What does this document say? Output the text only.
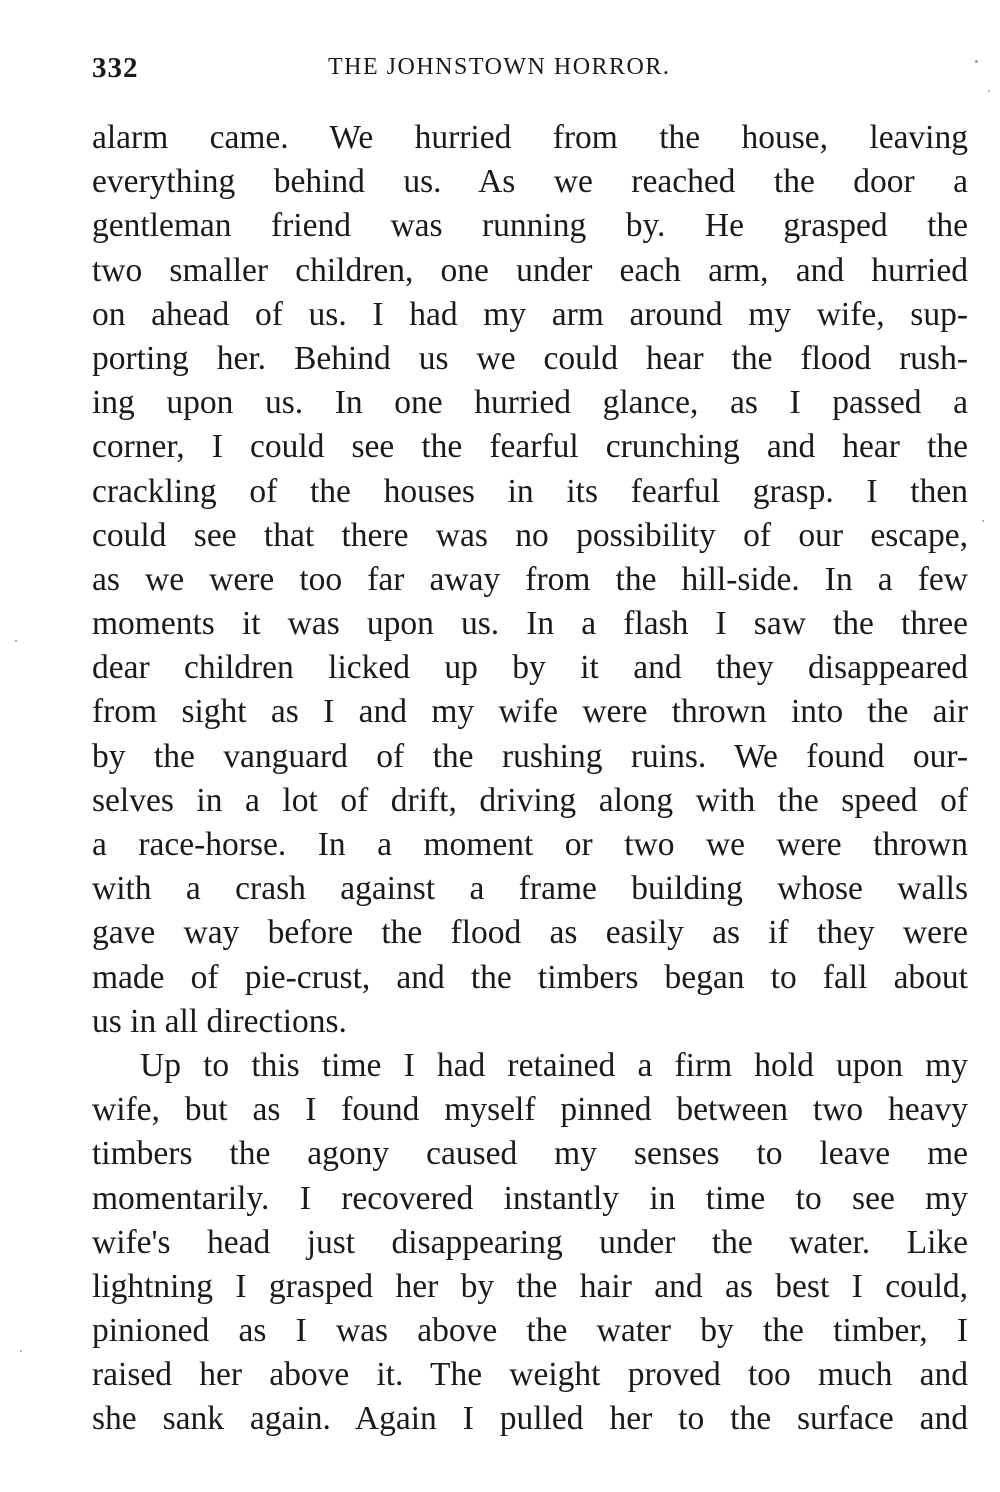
332	THE JOHNSTOWN HORROR.
alarm came. We hurried from the house, leaving
everything behind us. As we reached the door a
gentleman friend was running by. He grasped the
two smaller children, one under each arm, and hurried
on ahead of us. I had my arm around my wife, sup-
porting her. Behind us we could hear the flood rush-
ing upon us. In one hurried glance, as I passed a
corner, I could see the fearful crunching and hear the
crackling of the houses in its fearful grasp. I then
could see that there was no possibility of our escape,
as we were too far away from the hill-side. In a few
moments it was upon us. In a flash I saw the three
dear children licked up by it and they disappeared
from sight as I and my wife were thrown into the air
by the vanguard of the rushing ruins. We found our-
selves in a lot of drift, driving along with the speed of
a race-horse. In a moment or two we were thrown
with a crash against a frame building whose walls
gave way before the flood as easily as if they were
made of pie-crust, and the timbers began to fall about
us in all directions.
Up to this time I had retained a firm hold upon my
wife, but as I found myself pinned between two heavy
timbers the agony caused my senses to leave me
momentarily. I recovered instantly in time to see my
wife's head just disappearing under the water. Like
lightning I grasped her by the hair and as best I could,
pinioned as I was above the water by the timber, I
raised her above it. The weight proved too much and
she sank again. Again I pulled her to the surface and
